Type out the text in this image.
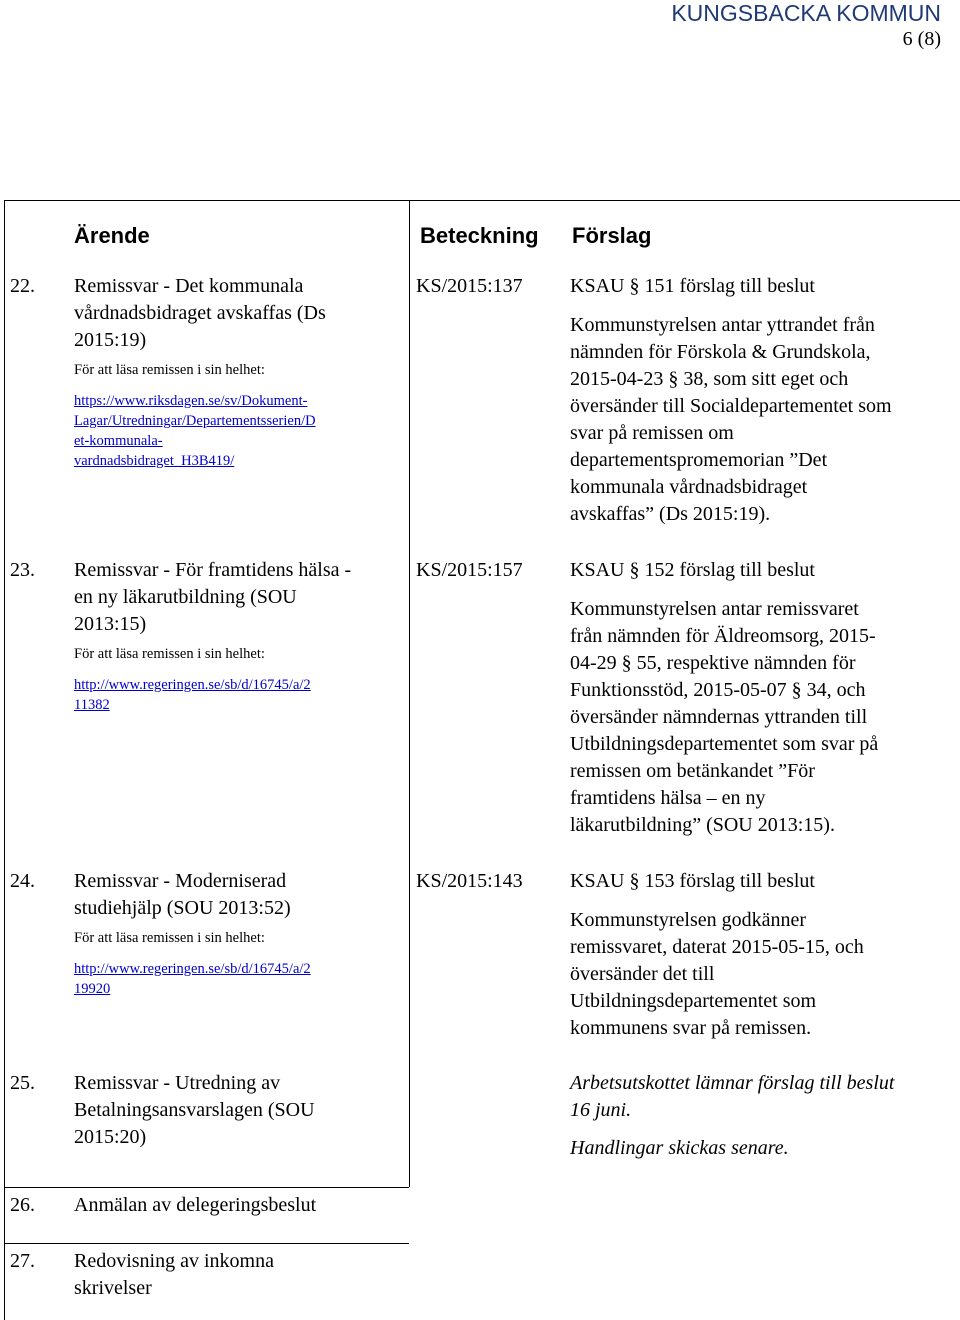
KUNGSBACKA KOMMUN
6 (8)
Ärende	Beteckning Förslag
22. Remissvar - Det kommunala
vårdnadsbidraget avskaffas (Ds
2015:19)
För att läsa remissen i sin helhet:
https://www.riksdagen.se/sv/Dokument-
Lagar/Utredningar/Departementsserien/D
et-kommunala-
vardnadsbidraget_H3B419/
KS/2015:137 KSAU § 151 förslag till beslut
Kommunstyrelsen antar yttrandet från
nämnden för Förskola & Grundskola,
2015-04-23 § 38, som sitt eget och
översänder till Socialdepartementet som
svar på remissen om
departementspromemorian ”Det
kommunala vårdnadsbidraget
avskaffas” (Ds 2015:19).
23. Remissvar - För framtidens hälsa -
en ny läkarutbildning (SOU
2013:15)
För att läsa remissen i sin helhet:
http://www.regeringen.se/sb/d/16745/a/2
11382
KS/2015:157 KSAU § 152 förslag till beslut
Kommunstyrelsen antar remissvaret
från nämnden för Äldreomsorg, 2015-
04-29 § 55, respektive nämnden för
Funktionsstöd, 2015-05-07 § 34, och
översänder nämndernas yttranden till
Utbildningsdepartementet som svar på
remissen om betänkandet ”För
framtidens hälsa – en ny
läkarutbildning” (SOU 2013:15).
24. Remissvar - Moderniserad
studiehjälp (SOU 2013:52)
För att läsa remissen i sin helhet:
http://www.regeringen.se/sb/d/16745/a/2
19920
KS/2015:143 KSAU § 153 förslag till beslut
Kommunstyrelsen godkänner
remissvaret, daterat 2015-05-15, och
översänder det till
Utbildningsdepartementet som
kommunens svar på remissen.
25. Remissvar - Utredning av
Betalningsansvarslagen (SOU
2015:20)
Arbetsutskottet lämnar förslag till beslut
16 juni.
Handlingar skickas senare.
26. Anmälan av delegeringsbeslut
27. Redovisning av inkomna
skrivelser
